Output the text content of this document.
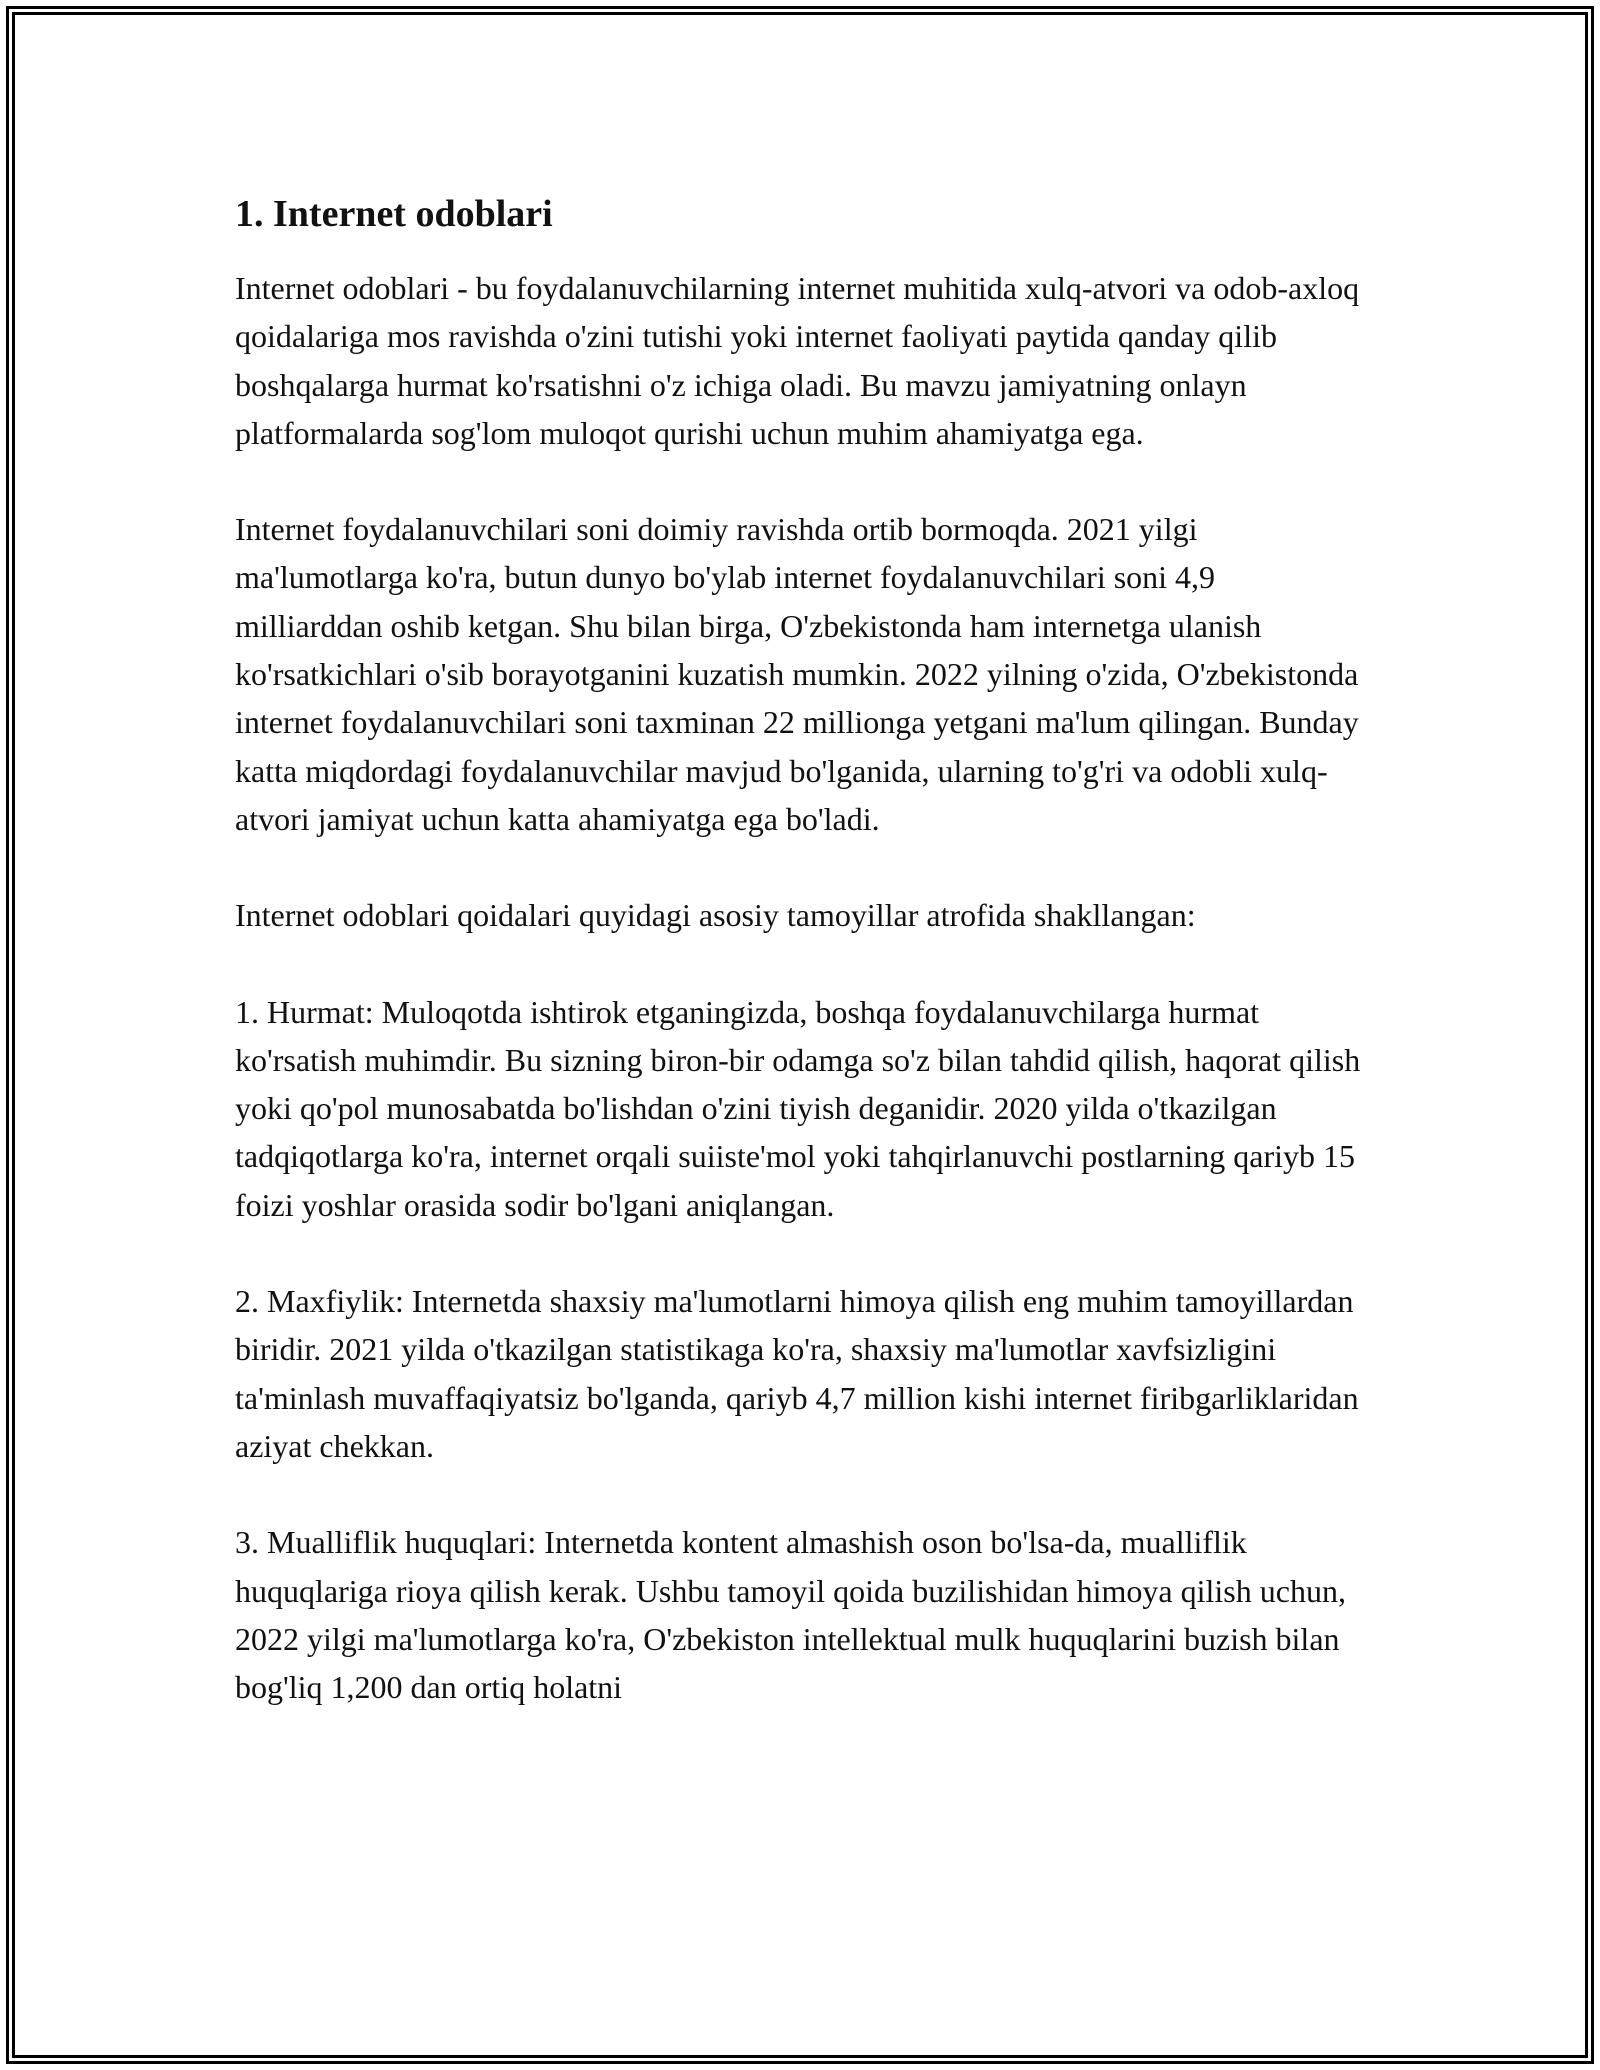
1. Internet odoblari

Internet odoblari - bu foydalanuvchilarning internet muhitida xulq-atvori va odob-axloq qoidalariga mos ravishda o'zini tutishi yoki internet faoliyati paytida qanday qilib boshqalarga hurmat ko'rsatishni o'z ichiga oladi. Bu mavzu jamiyatning onlayn platformalarda sog'lom muloqot qurishi uchun muhim ahamiyatga ega.

Internet foydalanuvchilari soni doimiy ravishda ortib bormoqda. 2021 yilgi ma'lumotlarga ko'ra, butun dunyo bo'ylab internet foydalanuvchilari soni 4,9 milliarddan oshib ketgan. Shu bilan birga, O'zbekistonda ham internetga ulanish ko'rsatkichlari o'sib borayotganini kuzatish mumkin. 2022 yilning o'zida, O'zbekistonda internet foydalanuvchilari soni taxminan 22 millionga yetgani ma'lum qilingan. Bunday katta miqdordagi foydalanuvchilar mavjud bo'lganida, ularning to'g'ri va odobli xulq-atvori jamiyat uchun katta ahamiyatga ega bo'ladi.

Internet odoblari qoidalari quyidagi asosiy tamoyillar atrofida shakllangan:

1. Hurmat: Muloqotda ishtirok etganingizda, boshqa foydalanuvchilarga hurmat ko'rsatish muhimdir. Bu sizning biron-bir odamga so'z bilan tahdid qilish, haqorat qilish yoki qo'pol munosabatda bo'lishdan o'zini tiyish deganidir. 2020 yilda o'tkazilgan tadqiqotlarga ko'ra, internet orqali suiiste'mol yoki tahqirlanuvchi postlarning qariyb 15 foizi yoshlar orasida sodir bo'lgani aniqlangan.

2. Maxfiylik: Internetda shaxsiy ma'lumotlarni himoya qilish eng muhim tamoyillardan biridir. 2021 yilda o'tkazilgan statistikaga ko'ra, shaxsiy ma'lumotlar xavfsizligini ta'minlash muvaffaqiyatsiz bo'lganda, qariyb 4,7 million kishi internet firibgarliklaridan aziyat chekkan.

3. Mualliflik huquqlari: Internetda kontent almashish oson bo'lsa-da, mualliflik huquqlariga rioya qilish kerak. Ushbu tamoyil qoida buzilishidan himoya qilish uchun, 2022 yilgi ma'lumotlarga ko'ra, O'zbekiston intellektual mulk huquqlarini buzish bilan bog'liq 1,200 dan ortiq holatni
